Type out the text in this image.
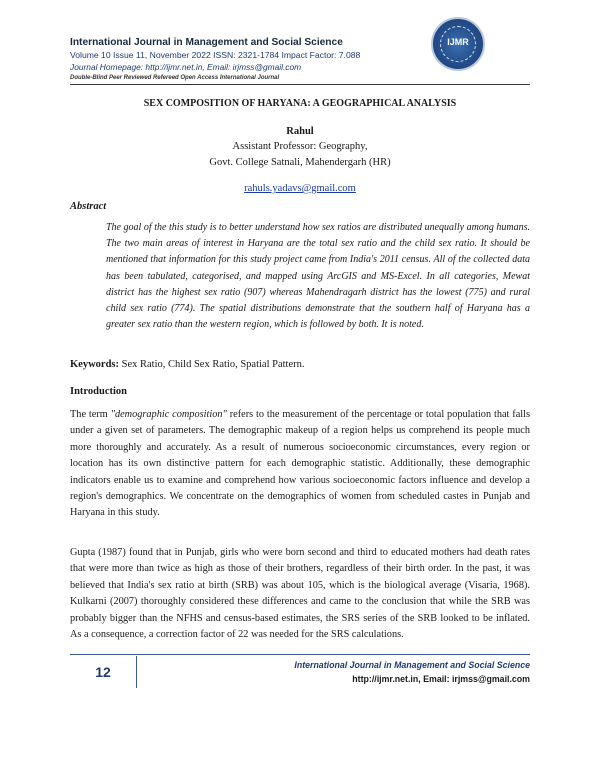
International Journal in Management and Social Science
Volume 10 Issue 11, November 2022 ISSN: 2321-1784 Impact Factor: 7.088
Journal Homepage: http://ijmr.net.in, Email: irjmss@gmail.com
Double-Blind Peer Reviewed Refereed Open Access International Journal
IJMR
SEX COMPOSITION OF HARYANA: A GEOGRAPHICAL ANALYSIS
Rahul
Assistant Professor: Geography,
Govt. College Satnali, Mahendergarh (HR)
rahuls.yadavs@gmail.com
Abstract
The goal of the this study is to better understand how sex ratios are distributed unequally among humans. The two main areas of interest in Haryana are the total sex ratio and the child sex ratio. It should be mentioned that information for this study project came from India's 2011 census. All of the collected data has been tabulated, categorised, and mapped using ArcGIS and MS-Excel. In all categories, Mewat district has the highest sex ratio (907) whereas Mahendragarh district has the lowest (775) and rural child sex ratio (774). The spatial distributions demonstrate that the southern half of Haryana has a greater sex ratio than the western region, which is followed by both. It is noted.
Keywords: Sex Ratio, Child Sex Ratio, Spatial Pattern.
Introduction
The term "demographic composition" refers to the measurement of the percentage or total population that falls under a given set of parameters. The demographic makeup of a region helps us comprehend its people much more thoroughly and accurately. As a result of numerous socioeconomic circumstances, every region or location has its own distinctive pattern for each demographic statistic. Additionally, these demographic indicators enable us to examine and comprehend how various socioeconomic factors influence and develop a region's demographics. We concentrate on the demographics of women from scheduled castes in Punjab and Haryana in this study.
Gupta (1987) found that in Punjab, girls who were born second and third to educated mothers had death rates that were more than twice as high as those of their brothers, regardless of their birth order. In the past, it was believed that India's sex ratio at birth (SRB) was about 105, which is the biological average (Visaria, 1968). Kulkarni (2007) thoroughly considered these differences and came to the conclusion that while the SRB was probably bigger than the NFHS and census-based estimates, the SRS series of the SRB looked to be inflated. As a consequence, a correction factor of 22 was needed for the SRS calculations.
12	International Journal in Management and Social Science
http://ijmr.net.in, Email: irjmss@gmail.com
